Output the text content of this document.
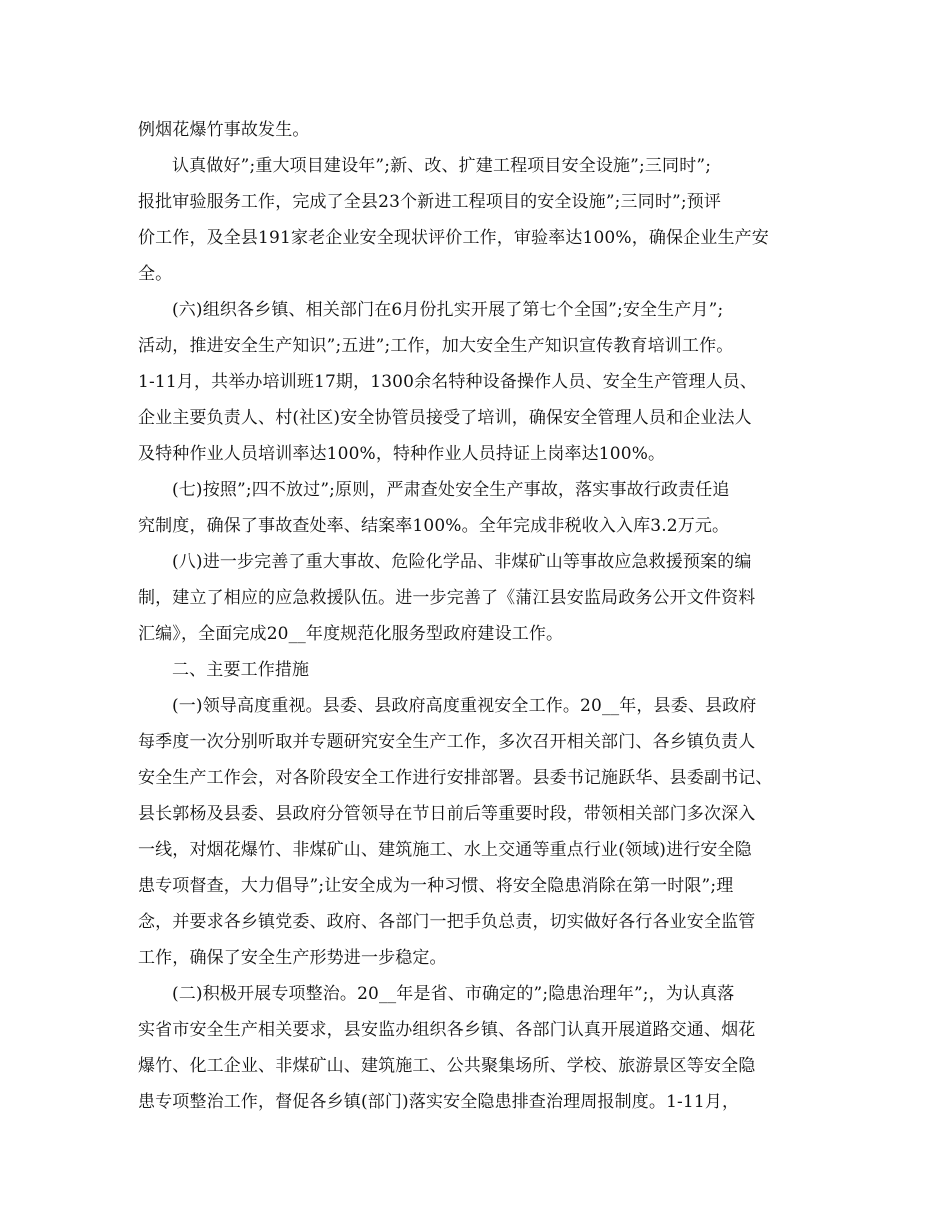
例烟花爆竹事故发生。
认真做好”;重大项目建设年”;新、改、扩建工程项目安全设施”;三同时”;
报批审验服务工作，完成了全县23个新进工程项目的安全设施”;三同时”;预评
价工作，及全县191家老企业安全现状评价工作，审验率达100%，确保企业生产安
全。
(六)组织各乡镇、相关部门在6月份扎实开展了第七个全国”;安全生产月”;
活动，推进安全生产知识”;五进”;工作，加大安全生产知识宣传教育培训工作。
1-11月，共举办培训班17期，1300余名特种设备操作人员、安全生产管理人员、
企业主要负责人、村(社区)安全协管员接受了培训，确保安全管理人员和企业法人
及特种作业人员培训率达100%，特种作业人员持证上岗率达100%。
(七)按照”;四不放过”;原则，严肃查处安全生产事故，落实事故行政责任追
究制度，确保了事故查处率、结案率100%。全年完成非税收入入库3.2万元。
(八)进一步完善了重大事故、危险化学品、非煤矿山等事故应急救援预案的编
制，建立了相应的应急救援队伍。进一步完善了《蒲江县安监局政务公开文件资料
汇编》，全面完成20__年度规范化服务型政府建设工作。
二、主要工作措施
(一)领导高度重视。县委、县政府高度重视安全工作。20__年，县委、县政府
每季度一次分别听取并专题研究安全生产工作，多次召开相关部门、各乡镇负责人
安全生产工作会，对各阶段安全工作进行安排部署。县委书记施跃华、县委副书记、
县长郭杨及县委、县政府分管领导在节日前后等重要时段，带领相关部门多次深入
一线，对烟花爆竹、非煤矿山、建筑施工、水上交通等重点行业(领域)进行安全隐
患专项督查，大力倡导”;让安全成为一种习惯、将安全隐患消除在第一时限”;理
念，并要求各乡镇党委、政府、各部门一把手负总责，切实做好各行各业安全监管
工作，确保了安全生产形势进一步稳定。
(二)积极开展专项整治。20__年是省、市确定的”;隐患治理年”;，为认真落
实省市安全生产相关要求，县安监办组织各乡镇、各部门认真开展道路交通、烟花
爆竹、化工企业、非煤矿山、建筑施工、公共聚集场所、学校、旅游景区等安全隐
患专项整治工作，督促各乡镇(部门)落实安全隐患排查治理周报制度。1-11月，
